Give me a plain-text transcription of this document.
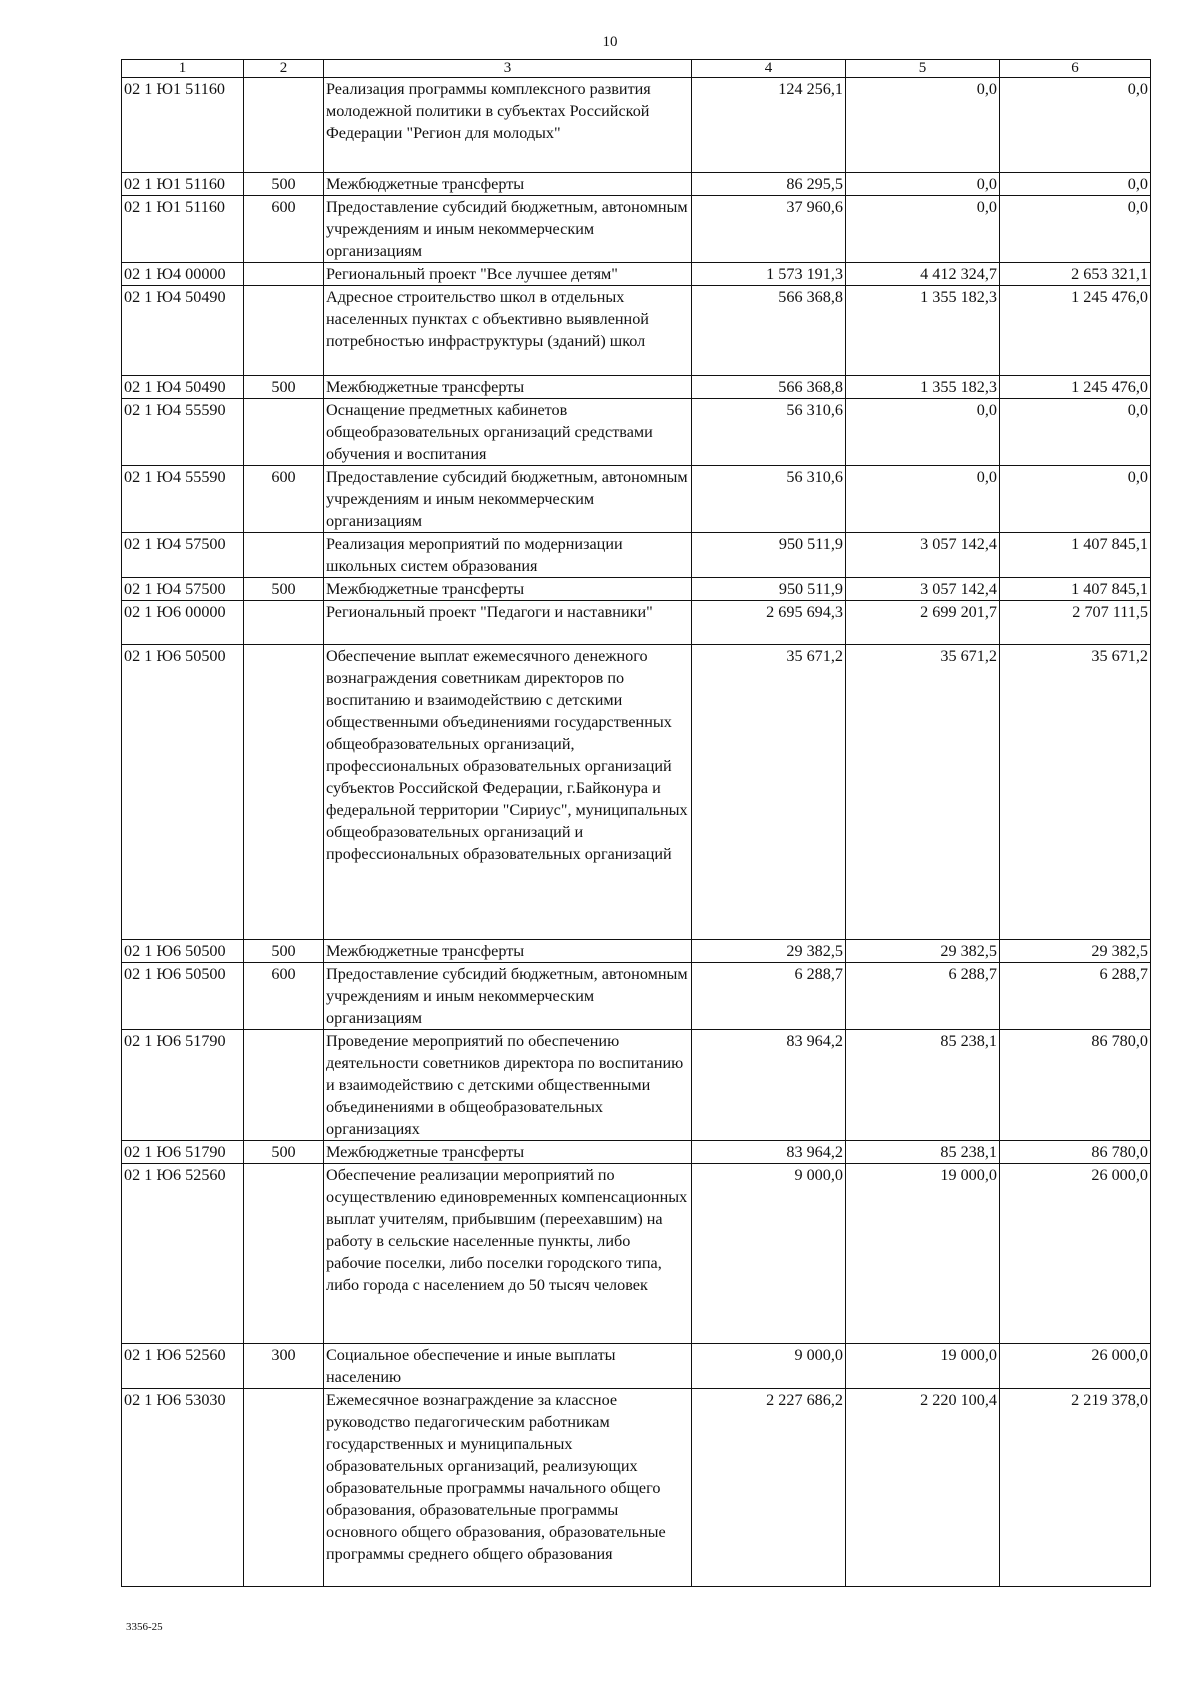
10
1	2	3	4	5	6
02 1 Ю1 51160		Реализация программы комплексного развития молодежной политики в субъектах Российской Федерации "Регион для молодых"	124 256,1	0,0	0,0
02 1 Ю1 51160	500	Межбюджетные трансферты	86 295,5	0,0	0,0
02 1 Ю1 51160	600	Предоставление субсидий бюджетным, автономным учреждениям и иным некоммерческим организациям	37 960,6	0,0	0,0
02 1 Ю4 00000		Региональный проект "Все лучшее детям"	1 573 191,3	4 412 324,7	2 653 321,1
02 1 Ю4 50490		Адресное строительство школ в отдельных населенных пунктах с объективно выявленной потребностью инфраструктуры (зданий) школ	566 368,8	1 355 182,3	1 245 476,0
02 1 Ю4 50490	500	Межбюджетные трансферты	566 368,8	1 355 182,3	1 245 476,0
02 1 Ю4 55590		Оснащение предметных кабинетов общеобразовательных организаций средствами обучения и воспитания	56 310,6	0,0	0,0
02 1 Ю4 55590	600	Предоставление субсидий бюджетным, автономным учреждениям и иным некоммерческим организациям	56 310,6	0,0	0,0
02 1 Ю4 57500		Реализация мероприятий по модернизации школьных систем образования	950 511,9	3 057 142,4	1 407 845,1
02 1 Ю4 57500	500	Межбюджетные трансферты	950 511,9	3 057 142,4	1 407 845,1
02 1 Ю6 00000		Региональный проект "Педагоги и наставники"	2 695 694,3	2 699 201,7	2 707 111,5
02 1 Ю6 50500		Обеспечение выплат ежемесячного денежного вознаграждения советникам директоров по воспитанию и взаимодействию с детскими общественными объединениями государственных общеобразовательных организаций, профессиональных образовательных организаций субъектов Российской Федерации, г.Байконура и федеральной территории "Сириус", муниципальных общеобразовательных организаций и профессиональных образовательных организаций	35 671,2	35 671,2	35 671,2
02 1 Ю6 50500	500	Межбюджетные трансферты	29 382,5	29 382,5	29 382,5
02 1 Ю6 50500	600	Предоставление субсидий бюджетным, автономным учреждениям и иным некоммерческим организациям	6 288,7	6 288,7	6 288,7
02 1 Ю6 51790		Проведение мероприятий по обеспечению деятельности советников директора по воспитанию и взаимодействию с детскими общественными объединениями в общеобразовательных организациях	83 964,2	85 238,1	86 780,0
02 1 Ю6 51790	500	Межбюджетные трансферты	83 964,2	85 238,1	86 780,0
02 1 Ю6 52560		Обеспечение реализации мероприятий по осуществлению единовременных компенсационных выплат учителям, прибывшим (переехавшим) на работу в сельские населенные пункты, либо рабочие поселки, либо поселки городского типа, либо города с населением до 50 тысяч человек	9 000,0	19 000,0	26 000,0
02 1 Ю6 52560	300	Социальное обеспечение и иные выплаты населению	9 000,0	19 000,0	26 000,0
02 1 Ю6 53030		Ежемесячное вознаграждение за классное руководство педагогическим работникам государственных и муниципальных образовательных организаций, реализующих образовательные программы начального общего образования, образовательные программы основного общего образования, образовательные программы среднего общего образования	2 227 686,2	2 220 100,4	2 219 378,0
3356-25
